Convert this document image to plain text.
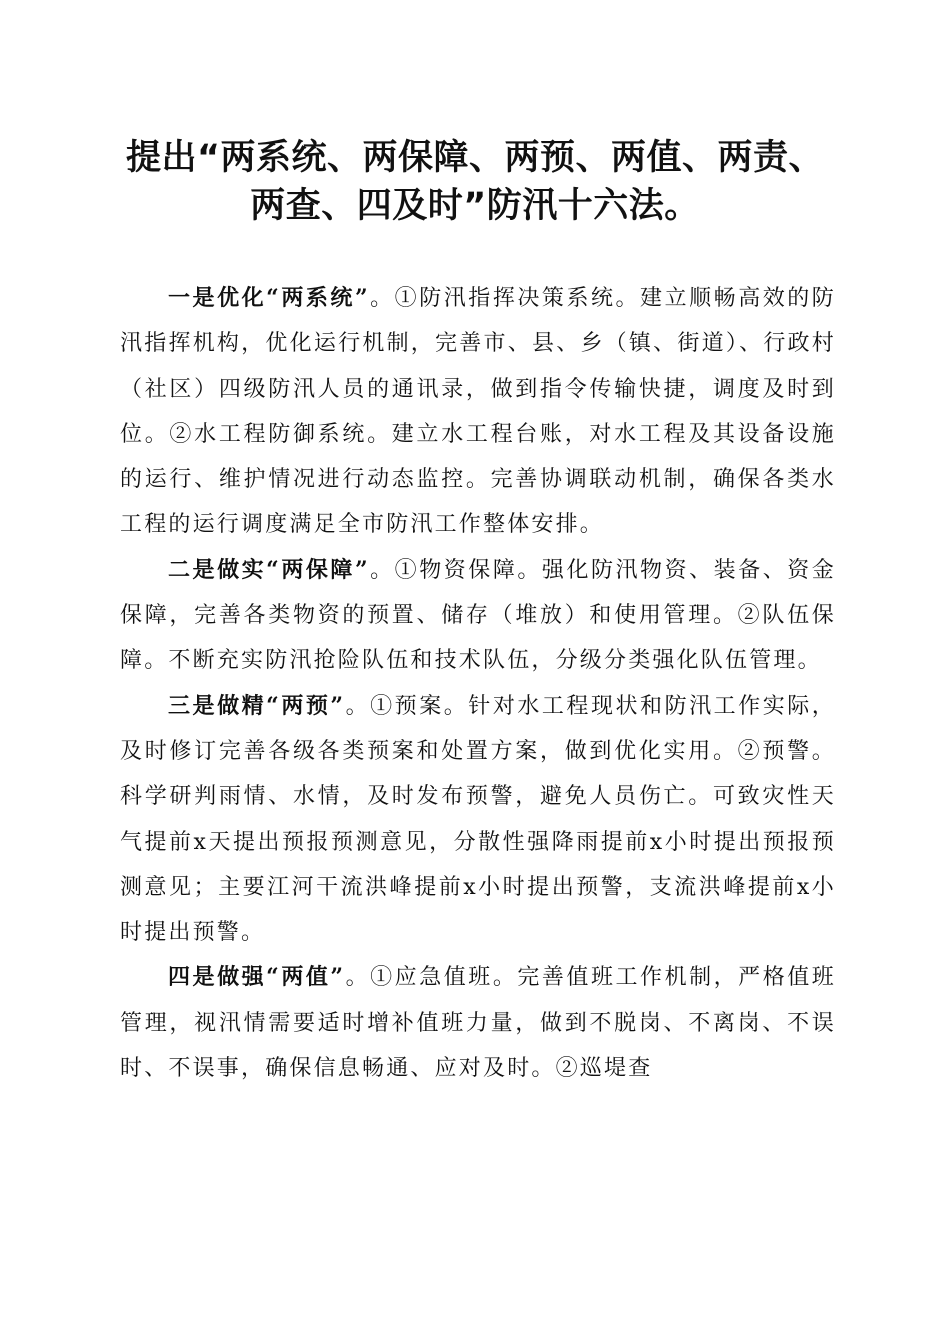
提出“两系统、两保障、两预、两值、两责、
两查、四及时”防汛十六法。

一是优化“两系统”。①防汛指挥决策系统。建立顺畅高效的防汛指挥机构，优化运行机制，完善市、县、乡（镇、街道）、行政村（社区）四级防汛人员的通讯录，做到指令传输快捷，调度及时到位。②水工程防御系统。建立水工程台账，对水工程及其设备设施的运行、维护情况进行动态监控。完善协调联动机制，确保各类水工程的运行调度满足全市防汛工作整体安排。

二是做实“两保障”。①物资保障。强化防汛物资、装备、资金保障，完善各类物资的预置、储存（堆放）和使用管理。②队伍保障。不断充实防汛抢险队伍和技术队伍，分级分类强化队伍管理。

三是做精“两预”。①预案。针对水工程现状和防汛工作实际，及时修订完善各级各类预案和处置方案，做到优化实用。②预警。科学研判雨情、水情，及时发布预警，避免人员伤亡。可致灾性天气提前x天提出预报预测意见，分散性强降雨提前x小时提出预报预测意见；主要江河干流洪峰提前x小时提出预警，支流洪峰提前x小时提出预警。

四是做强“两值”。①应急值班。完善值班工作机制，严格值班管理，视汛情需要适时增补值班力量，做到不脱岗、不离岗、不误时、不误事，确保信息畅通、应对及时。②巡堤查
